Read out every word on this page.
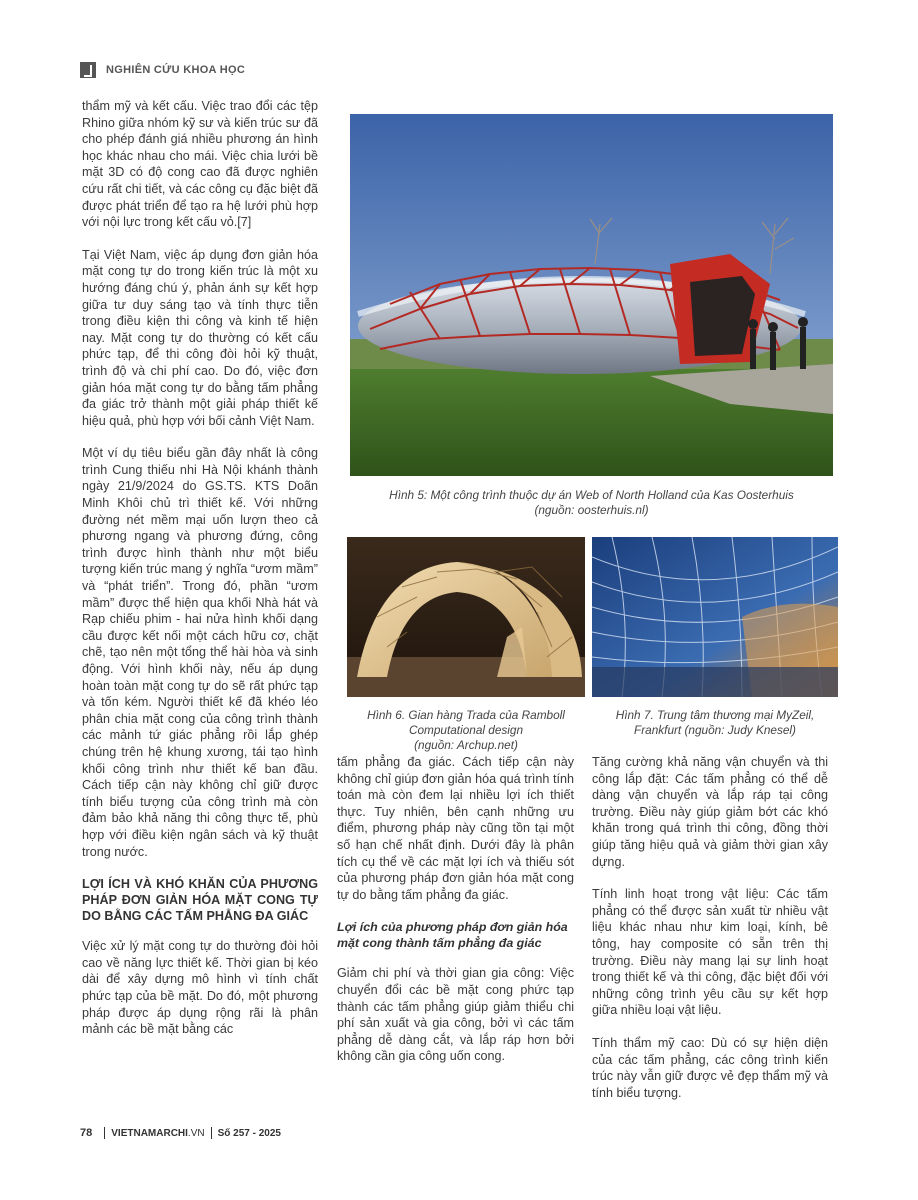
NGHIÊN CỨU KHOA HỌC

thẩm mỹ và kết cấu. Việc trao đổi các tệp Rhino giữa nhóm kỹ sư và kiến trúc sư đã cho phép đánh giá nhiều phương án hình học khác nhau cho mái. Việc chia lưới bề mặt 3D có độ cong cao đã được nghiên cứu rất chi tiết, và các công cụ đặc biệt đã được phát triển để tạo ra hệ lưới phù hợp với nội lực trong kết cấu vỏ.[7]

Tại Việt Nam, việc áp dụng đơn giản hóa mặt cong tự do trong kiến trúc là một xu hướng đáng chú ý, phản ánh sự kết hợp giữa tư duy sáng tạo và tính thực tiễn trong điều kiện thi công và kinh tế hiện nay. Mặt cong tự do thường có kết cấu phức tạp, để thi công đòi hỏi kỹ thuật, trình độ và chi phí cao. Do đó, việc đơn giản hóa mặt cong tự do bằng tấm phẳng đa giác trở thành một giải pháp thiết kế hiệu quả, phù hợp với bối cảnh Việt Nam.

Một ví dụ tiêu biểu gần đây nhất là công trình Cung thiếu nhi Hà Nội khánh thành ngày 21/9/2024 do GS.TS. KTS Doãn Minh Khôi chủ trì thiết kế. Với những đường nét mềm mại uốn lượn theo cả phương ngang và phương đứng, công trình được hình thành như một biểu tượng kiến trúc mang ý nghĩa “ươm mầm” và “phát triển”. Trong đó, phần “ươm mầm” được thể hiện qua khối Nhà hát và Rạp chiếu phim - hai nửa hình khối dạng cầu được kết nối một cách hữu cơ, chặt chẽ, tạo nên một tổng thể hài hòa và sinh động. Với hình khối này, nếu áp dụng hoàn toàn mặt cong tự do sẽ rất phức tạp và tốn kém. Người thiết kế đã khéo léo phân chia mặt cong của công trình thành các mảnh tứ giác phẳng rồi lắp ghép chúng trên hệ khung xương, tái tạo hình khối công trình như thiết kế ban đầu. Cách tiếp cận này không chỉ giữ được tính biểu tượng của công trình mà còn đảm bảo khả năng thi công thực tế, phù hợp với điều kiện ngân sách và kỹ thuật trong nước.

LỢI ÍCH VÀ KHÓ KHĂN CỦA PHƯƠNG PHÁP ĐƠN GIẢN HÓA MẶT CONG TỰ DO BẰNG CÁC TẤM PHẲNG ĐA GIÁC

Việc xử lý mặt cong tự do thường đòi hỏi cao về năng lực thiết kế. Thời gian bị kéo dài để xây dựng mô hình vì tính chất phức tạp của bề mặt. Do đó, một phương pháp được áp dụng rộng rãi là phân mảnh các bề mặt bằng các

Hình 5: Một công trình thuộc dự án Web of North Holland của Kas Oosterhuis
(nguồn: oosterhuis.nl)
Hình 6. Gian hàng Trada của Ramboll
Computational design
(nguồn: Archup.net)
Hình 7. Trung tâm thương mại MyZeil,
Frankfurt (nguồn: Judy Knesel)

tấm phẳng đa giác. Cách tiếp cận này không chỉ giúp đơn giản hóa quá trình tính toán mà còn đem lại nhiều lợi ích thiết thực. Tuy nhiên, bên cạnh những ưu điểm, phương pháp này cũng tồn tại một số hạn chế nhất định. Dưới đây là phân tích cụ thể về các mặt lợi ích và thiếu sót của phương pháp đơn giản hóa mặt cong tự do bằng tấm phẳng đa giác.

Lợi ích của phương pháp đơn giản hóa mặt cong thành tấm phẳng đa giác

Giảm chi phí và thời gian gia công: Việc chuyển đổi các bề mặt cong phức tạp thành các tấm phẳng giúp giảm thiểu chi phí sản xuất và gia công, bởi vì các tấm phẳng dễ dàng cắt, và lắp ráp hơn bởi không cần gia công uốn cong.

Tăng cường khả năng vận chuyển và thi công lắp đặt: Các tấm phẳng có thể dễ dàng vận chuyển và lắp ráp tại công trường. Điều này giúp giảm bớt các khó khăn trong quá trình thi công, đồng thời giúp tăng hiệu quả và giảm thời gian xây dựng.

Tính linh hoạt trong vật liệu: Các tấm phẳng có thể được sản xuất từ nhiều vật liệu khác nhau như kim loại, kính, bê tông, hay composite có sẵn trên thị trường. Điều này mang lại sự linh hoạt trong thiết kế và thi công, đặc biệt đối với những công trình yêu cầu sự kết hợp giữa nhiều loại vật liệu.

Tính thẩm mỹ cao: Dù có sự hiện diện của các tấm phẳng, các công trình kiến trúc này vẫn giữ được vẻ đẹp thẩm mỹ và tính biểu tượng.

78 VIETNAMARCHI .VN Số 257 - 2025
